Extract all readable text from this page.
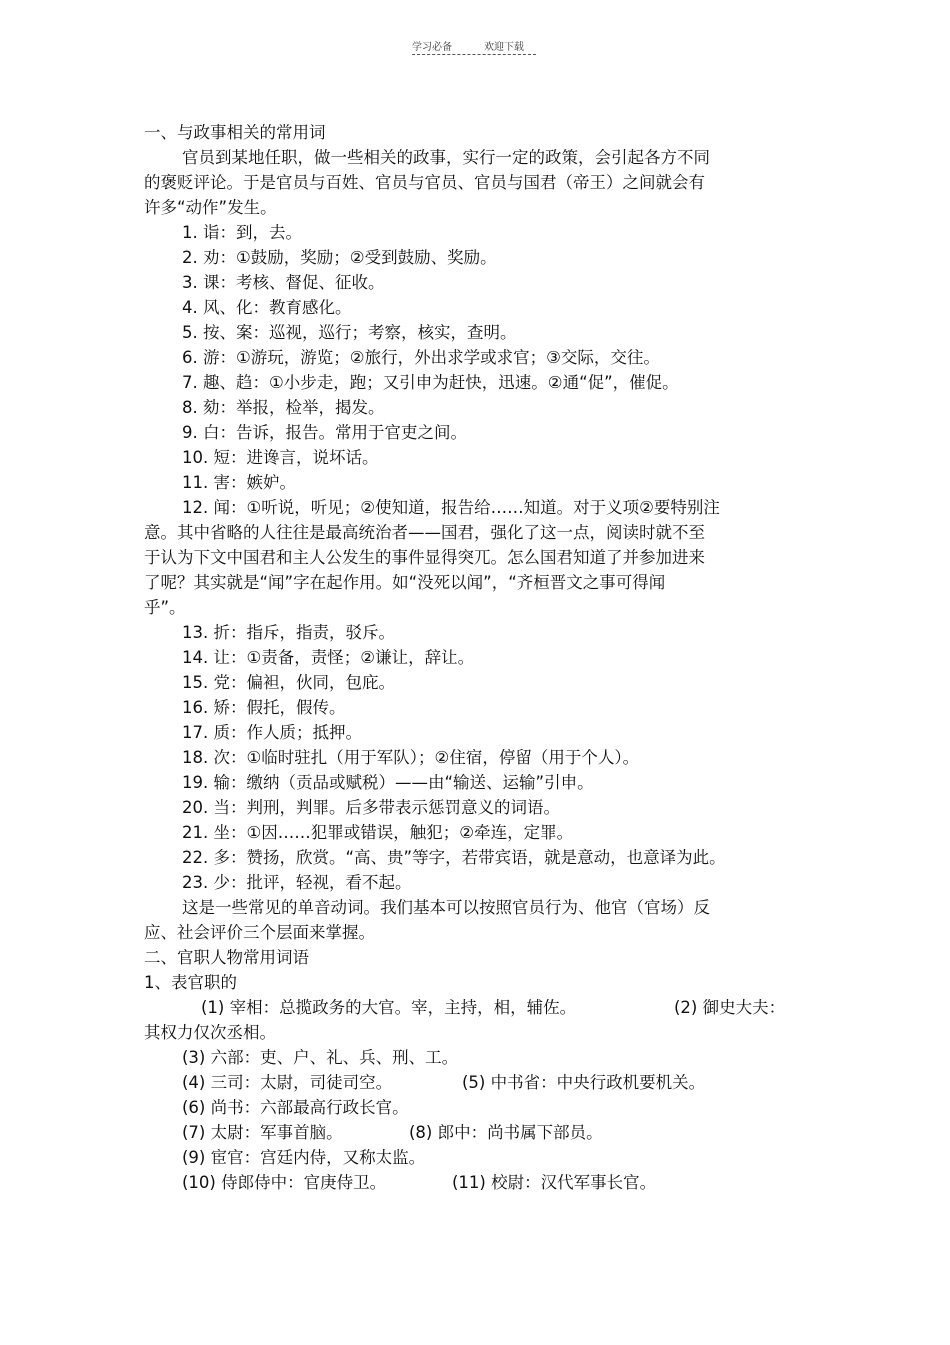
学习必备	欢迎下载
一、与政事相关的常用词
官员到某地任职，做一些相关的政事，实行一定的政策，会引起各方不同
的褒贬评论。于是官员与百姓、官员与官员、官员与国君（帝王）之间就会有
许多“动作”发生。
1. 诣：到，去。
2. 劝：①鼓励，奖励；②受到鼓励、奖励。
3. 课：考核、督促、征收。
4. 风、化：教育感化。
5. 按、案：巡视，巡行；考察，核实，查明。
6. 游：①游玩，游览；②旅行，外出求学或求官；③交际，交往。
7. 趣、趋：①小步走，跑；又引申为赶快，迅速。②通“促”，催促。
8. 劾：举报，检举，揭发。
9. 白：告诉，报告。常用于官吏之间。
10. 短：进谗言，说坏话。
11. 害：嫉妒。
12. 闻：①听说，听见；②使知道，报告给……知道。对于义项②要特别注
意。其中省略的人往往是最高统治者——国君，强化了这一点，阅读时就不至
于认为下文中国君和主人公发生的事件显得突兀。怎么国君知道了并参加进来
了呢？其实就是“闻”字在起作用。如“没死以闻”，“齐桓晋文之事可得闻
乎”。
13. 折：指斥，指责，驳斥。
14. 让：①责备，责怪；②谦让，辞让。
15. 党：偏袒，伙同，包庇。
16. 矫：假托，假传。
17. 质：作人质；抵押。
18. 次：①临时驻扎（用于军队）；②住宿，停留（用于个人）。
19. 输：缴纳（贡品或赋税）——由“输送、运输”引申。
20. 当：判刑，判罪。后多带表示惩罚意义的词语。
21. 坐：①因……犯罪或错误，触犯；②牵连，定罪。
22. 多：赞扬，欣赏。“高、贵”等字，若带宾语，就是意动，也意译为此。
23. 少：批评，轻视，看不起。
这是一些常见的单音动词。我们基本可以按照官员行为、他官（官场）反
应、社会评价三个层面来掌握。
二、官职人物常用词语
1、表官职的
(1) 宰相：总揽政务的大官。宰，主持，相，辅佐。	(2) 御史大夫：
其权力仅次丞相。
(3) 六部：吏、户、礼、兵、刑、工。
(4) 三司：太尉，司徒司空。	(5) 中书省：中央行政机要机关。
(6) 尚书：六部最高行政长官。
(7) 太尉：军事首脑。	(8) 郎中：尚书属下部员。
(9) 宦官：宫廷内侍，又称太监。
(10) 侍郎侍中：官庚侍卫。	(11) 校尉：汉代军事长官。
